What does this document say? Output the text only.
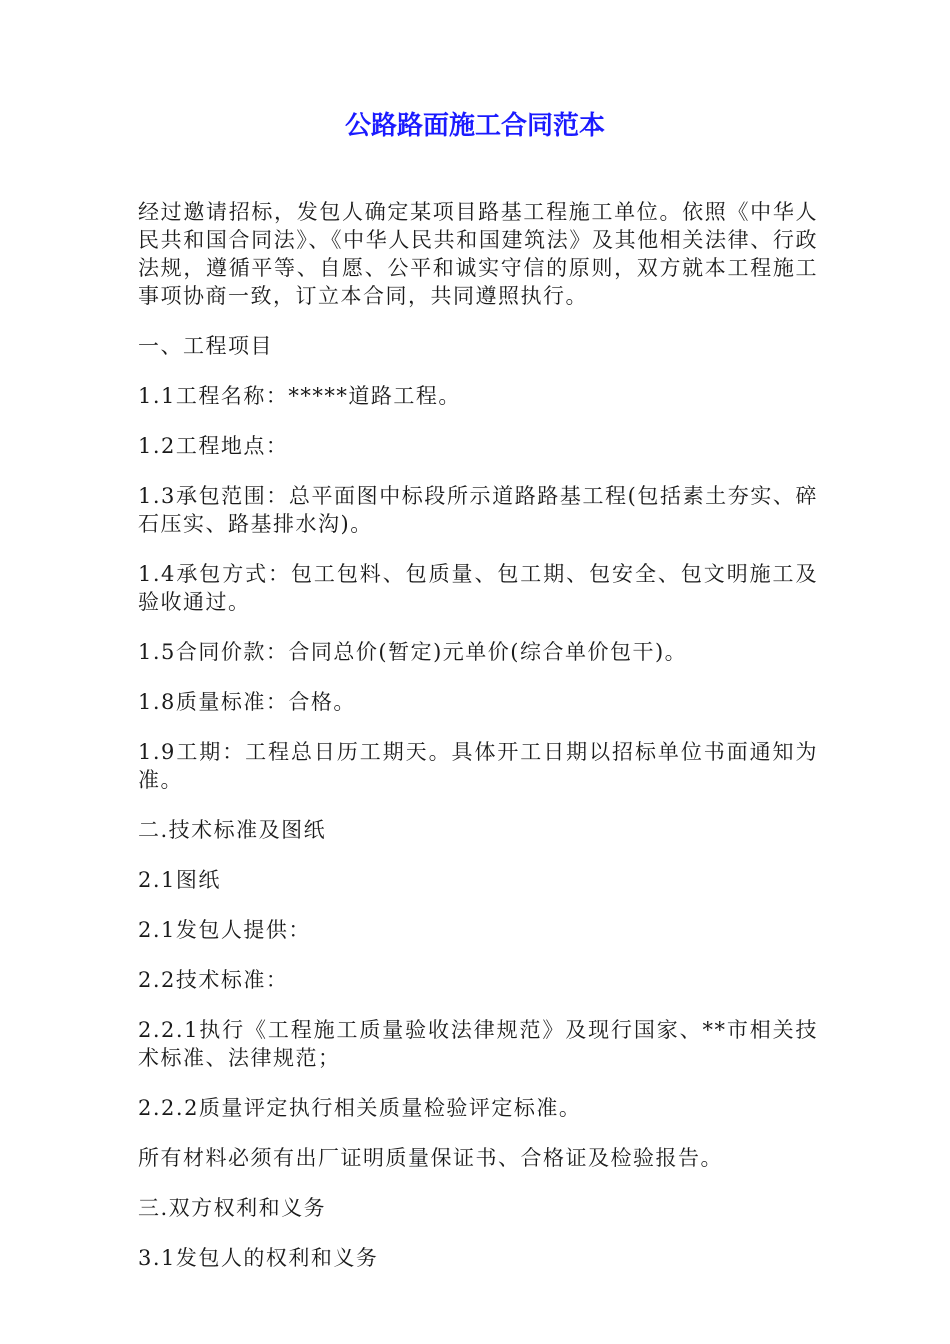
公路路面施工合同范本

经过邀请招标，发包人确定某项目路基工程施工单位。依照《中华人民共和国合同法》、《中华人民共和国建筑法》及其他相关法律、行政法规，遵循平等、自愿、公平和诚实守信的原则，双方就本工程施工事项协商一致，订立本合同，共同遵照执行。

一、工程项目

1.1工程名称：*****道路工程。

1.2工程地点：

1.3承包范围：总平面图中标段所示道路路基工程(包括素土夯实、碎石压实、路基排水沟)。

1.4承包方式：包工包料、包质量、包工期、包安全、包文明施工及验收通过。

1.5合同价款：合同总价(暂定)元单价(综合单价包干)。

1.8质量标准：合格。

1.9工期：工程总日历工期天。具体开工日期以招标单位书面通知为准。

二.技术标准及图纸

2.1图纸

2.1发包人提供：

2.2技术标准：

2.2.1执行《工程施工质量验收法律规范》及现行国家、**市相关技术标准、法律规范；

2.2.2质量评定执行相关质量检验评定标准。

所有材料必须有出厂证明质量保证书、合格证及检验报告。

三.双方权利和义务

3.1发包人的权利和义务
